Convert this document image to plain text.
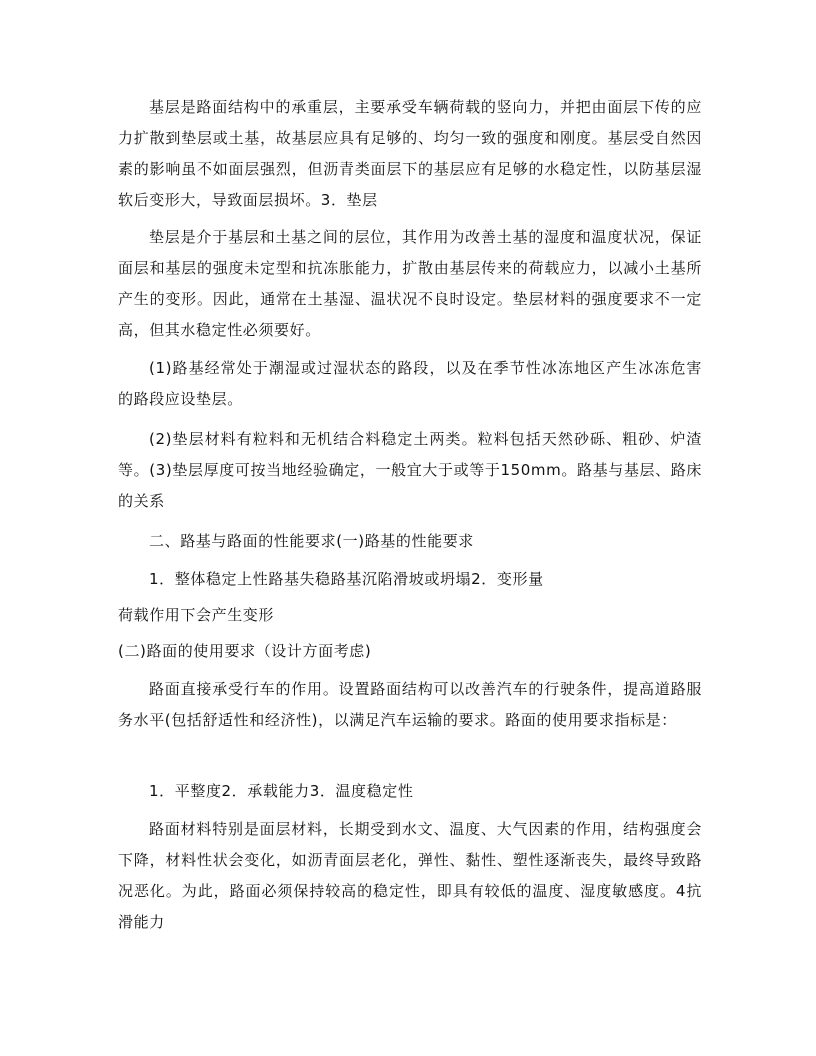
基层是路面结构中的承重层，主要承受车辆荷载的竖向力，并把由面层下传的应力扩散到垫层或土基，故基层应具有足够的、均匀一致的强度和刚度。基层受自然因素的影响虽不如面层强烈，但沥青类面层下的基层应有足够的水稳定性，以防基层湿软后变形大，导致面层损坏。3．垫层

垫层是介于基层和土基之间的层位，其作用为改善土基的湿度和温度状况，保证面层和基层的强度未定型和抗冻胀能力，扩散由基层传来的荷载应力，以减小土基所产生的变形。因此，通常在土基湿、温状况不良时设定。垫层材料的强度要求不一定高，但其水稳定性必须要好。

(1)路基经常处于潮湿或过湿状态的路段，以及在季节性冰冻地区产生冰冻危害的路段应设垫层。

(2)垫层材料有粒料和无机结合料稳定土两类。粒料包括天然砂砾、粗砂、炉渣等。(3)垫层厚度可按当地经验确定，一般宜大于或等于150mm。路基与基层、路床的关系

二、路基与路面的性能要求(一)路基的性能要求

1．整体稳定上性路基失稳路基沉陷滑坡或坍塌2．变形量

荷载作用下会产生变形

(二)路面的使用要求（设计方面考虑)

路面直接承受行车的作用。设置路面结构可以改善汽车的行驶条件，提高道路服务水平(包括舒适性和经济性)，以满足汽车运输的要求。路面的使用要求指标是：

1．平整度2．承载能力3．温度稳定性

路面材料特别是面层材料，长期受到水文、温度、大气因素的作用，结构强度会下降，材料性状会变化，如沥青面层老化，弹性、黏性、塑性逐渐丧失，最终导致路况恶化。为此，路面必须保持较高的稳定性，即具有较低的温度、湿度敏感度。4抗滑能力
